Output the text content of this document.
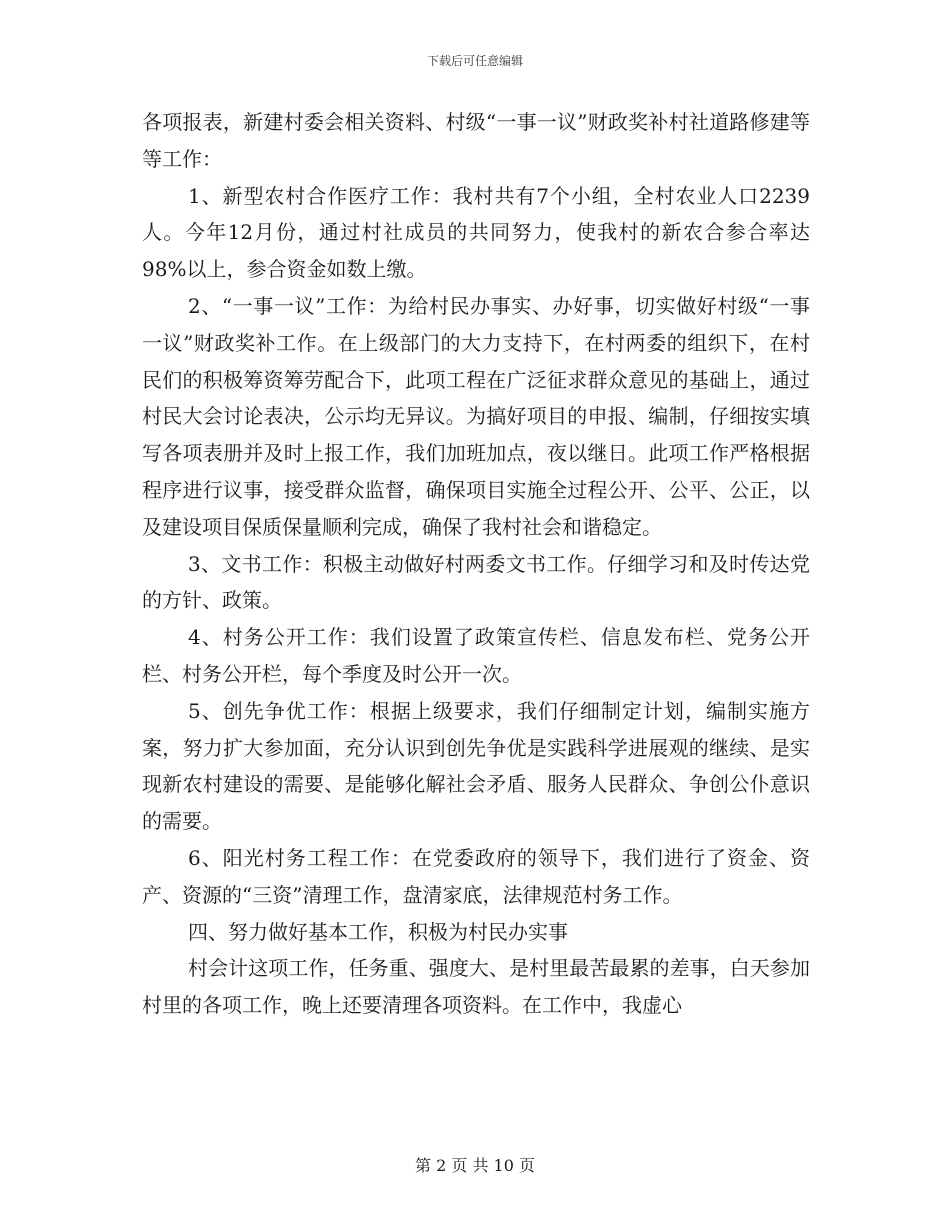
下载后可任意编辑

各项报表，新建村委会相关资料、村级“一事一议”财政奖补村社道路修建等等工作：

1、新型农村合作医疗工作：我村共有7个小组，全村农业人口2239人。今年12月份，通过村社成员的共同努力，使我村的新农合参合率达98%以上，参合资金如数上缴。

2、“一事一议”工作：为给村民办事实、办好事，切实做好村级“一事一议”财政奖补工作。在上级部门的大力支持下，在村两委的组织下，在村民们的积极筹资筹劳配合下，此项工程在广泛征求群众意见的基础上，通过村民大会讨论表决，公示均无异议。为搞好项目的申报、编制，仔细按实填写各项表册并及时上报工作，我们加班加点，夜以继日。此项工作严格根据程序进行议事，接受群众监督，确保项目实施全过程公开、公平、公正，以及建设项目保质保量顺利完成，确保了我村社会和谐稳定。

3、文书工作：积极主动做好村两委文书工作。仔细学习和及时传达党的方针、政策。

4、村务公开工作：我们设置了政策宣传栏、信息发布栏、党务公开栏、村务公开栏，每个季度及时公开一次。

5、创先争优工作：根据上级要求，我们仔细制定计划，编制实施方案，努力扩大参加面，充分认识到创先争优是实践科学进展观的继续、是实现新农村建设的需要、是能够化解社会矛盾、服务人民群众、争创公仆意识的需要。

6、阳光村务工程工作：在党委政府的领导下，我们进行了资金、资产、资源的“三资”清理工作，盘清家底，法律规范村务工作。

四、努力做好基本工作，积极为村民办实事

村会计这项工作，任务重、强度大、是村里最苦最累的差事，白天参加村里的各项工作，晚上还要清理各项资料。在工作中，我虚心

第 2 页 共 10 页
